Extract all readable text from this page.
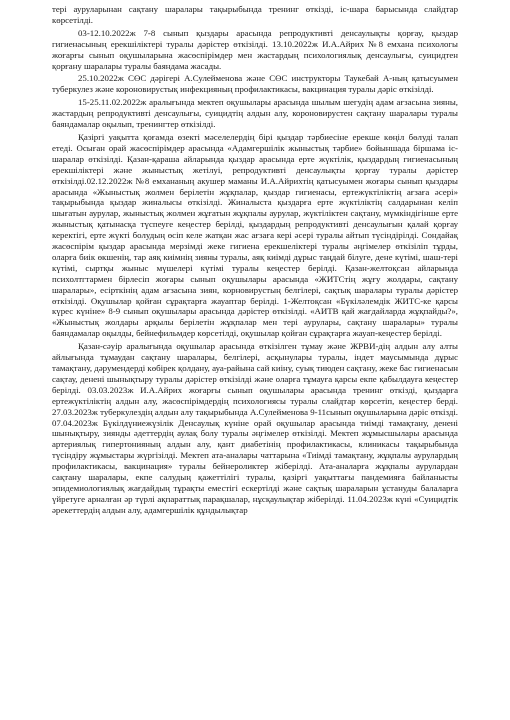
тері ауруларынан сақтану шаралары тақырыбында тренинг өткізді, іс-шара барысында слайдтар көрсетілді.

03-12.10.2022ж 7-8 сынып қыздары арасында репродуктивті денсаулықты қорғау, қыздар гигиенасының ерекшіліктері туралы дәрістер өткізілді. 13.10.2022ж И.А.Айрих №8 емхана психологы жоғарғы сынып оқушыларына жасөспірімдер мен жастардың психологиялық денсаулығы, суицидтен қорғану шаралары туралы баяндама жасады.

25.10.2022ж СӨС дәрігері А.Сулейменова және СӨС инструкторы Таукебай А-ның қатысуымен туберкулез және короновирустық инфекцияның профилактикасы, вакцинация туралы дәріс өткізілді.

15-25.11.02.2022ж аралығында мектеп оқушылары арасында шылым шегудің адам ағзасына зияны, жастардың репродуктивті денсаулығы, суицидтің алдын алу, короновирустен сақтану шаралары туралы баяндамалар оқылып, тренингтер өткізілді.

Қазіргі уақытта қоғамда өзекті мәселелердің бірі қыздар тәрбиесіне ерекше көңіл бөлуді талап етеді. Осыған орай жасөспірімдер арасында «Адамгершілік жыныстық тәрбие» бойыншада біршама іс-шаралар өткізілді. Қазан-қараша айларында қыздар арасында ерте жүктілік, қыздардың гигиенасының ерекшіліктері және жыныстық жетілуі, репродуктивті денсаулықты қорғау туралы дәрістер өткізілді.02.12.2022ж №8 емхананың акушер маманы И.А.Айрихтің қатысуымен жоғары сынып қыздары арасында «Жыныстық жолмен берілетін жұқпалар, қыздар гигиенасы, ертежүктіліктің ағзаға әсері» тақырыбында қыздар жиналысы өткізілді. Жиналыста қыздарға ерте жүктіліктің салдарынан келіп шығатын аурулар, жыныстық жолмен жұғатын жұқпалы аурулар, жүктіліктен сақтану, мүмкіндігінше ерте жыныстық қатынасқа түспеуге кеңестер берілді, қыздардың репродуктивті денсаулығын қалай қорғау керектігі, ерте жүкті болудың өсіп келе жатқан жас ағзаға кері әсері туралы айтып түсіндірілді. Сондайақ жасөспірім қыздар арасында мерзімді жеке гигиена ерекшеліктері туралы әңгімелер өткізіліп тұрды, оларға биік өкшенің, тар аяқ киімнің зияны туралы, аяқ киімді дұрыс таңдай білуге, дене күтімі, шаш-тері күтімі, сыртқы жыныс мүшелері күтімі туралы кеңестер берілді. Қазан-желтоқсан айларында психолтгтармен бірлесіп жоғары сынып оқушылары арасында «ЖИТСтің жұғу жолдары, сақтану шаралары», есірткінің адам ағзасына зиян, корновирустың белгілері, сақтық шаралары туралы дәрістер өткізілді. Оқушылар қойған сұрақтарға жауаптар берілді. 1-Желтоқсан «Бүкіләлемдік ЖИТС-ке қарсы күрес күніне» 8-9 сынып оқушылары арасында дәрістер өткізілді. «АИТВ қай жағдайларда жұқпайды?», «Жыныстық жолдары арқылы берілетін жұқпалар мен тері аурулары, сақтану шаралары» туралы баяндамалар оқылды, бейнефильмдер көрсетілді, оқушылар қойған сұрақтарға жауап-кеңестер берілді.

Қазан-сәуір аралығында оқушылар арасында өткізілген тұмау және ЖРВИ-дің алдын алу алты айлығында тұмаудан сақтану шаралары, белгілері, асқынулары туралы, індет маусымында дұрыс тамақтану, дәрумендерді көбірек қолдану, ауа-райына сай киіну, суық тиюден сақтану, жеке бас гигиенасын сақтау, денені шынықтыру туралы дәрістер өткізілді және оларға тұмауға қарсы екпе қабылдауға кеңестер берілді. 03.03.2023ж И.А.Айрих жоғарғы сынып оқушылары арасында тренинг өткізді, қыздарға ертежүктіліктің алдын алу, жасөспірімдердің психологиясы туралы слайдтар көрсетіп, кеңестер берді. 27.03.2023ж туберкулездің алдын алу тақырыбында А.Сулейменова 9-11сынып оқушыларына дәріс өткізді. 07.04.2023ж Бүкілдүниежүзілік Денсаулық күніне орай оқушылар арасында тиімді тамақтану, денені шынықтыру, зиянды әдеттердің аулақ болу туралы әңгімелер өткізілді. Мектеп жұмысшылары арасында артериялық гипертонияның алдын алу, қант диабетінің профилактикасы, клиникасы тақырыбында түсіндіру жұмыстары жүргізілді. Мектеп ата-аналары чаттарына «Тиімді тамақтану, жұқпалы аурулардың профилактикасы, вакцинация» туралы бейнероликтер жіберілді. Ата-аналарға жұқпалы аурулардан сақтану шаралары, екпе салудың қажеттілігі туралы, қазіргі уақыттағы пандемияға байланысты эпидемиологиялық жағдайдың тұрақты еместігі ескертілді және сақтық шараларын ұстануды балаларға үйретуге арналған әр түрлі ақпараттық парақшалар, нұсқаулықтар жіберілді. 11.04.2023ж күні «Суицидтік әрекеттердің алдын алу, адамгершілік құндылықтар
